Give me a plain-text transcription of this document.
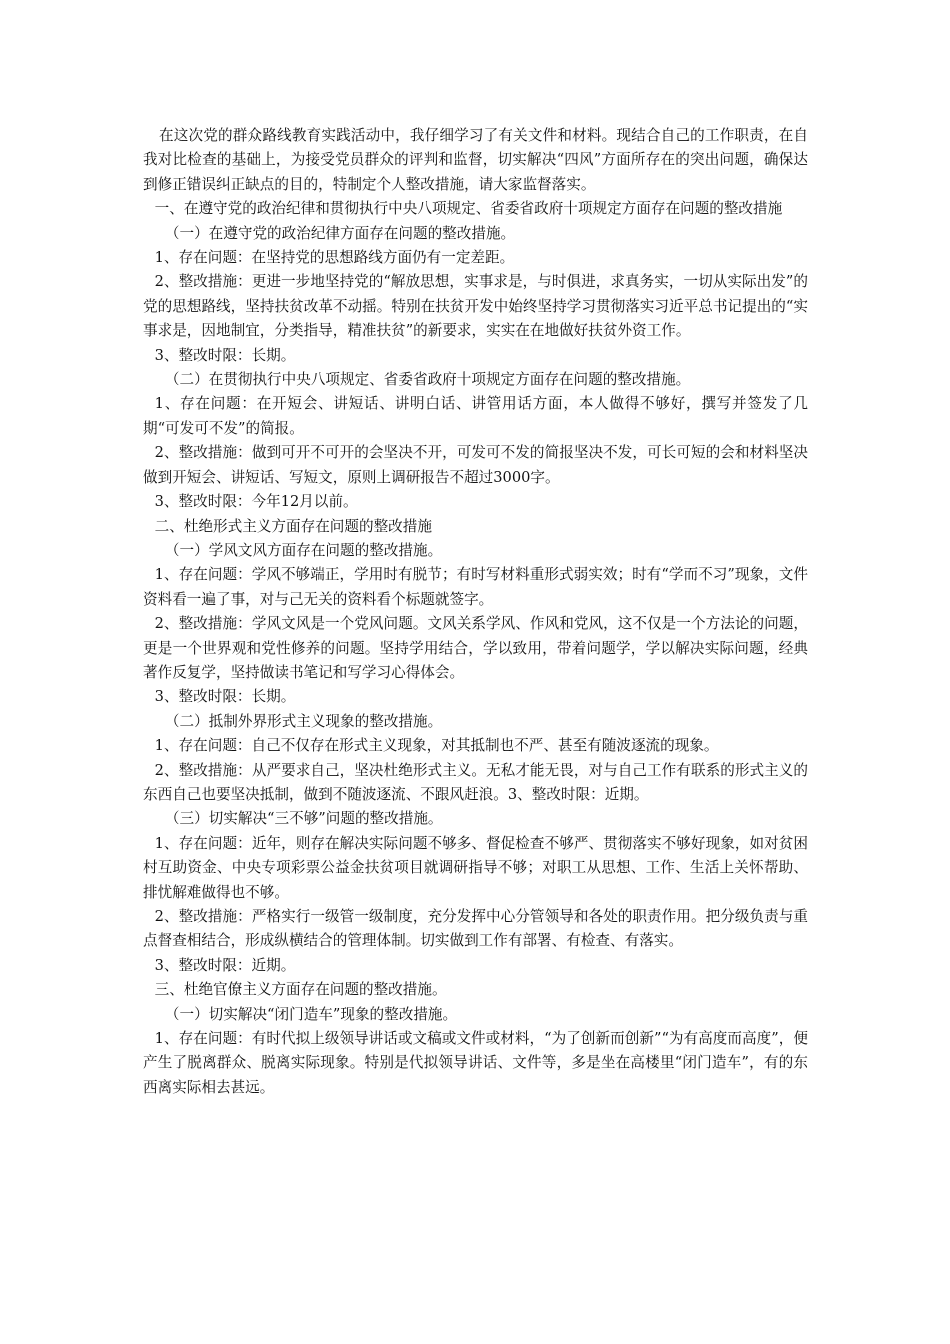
在这次党的群众路线教育实践活动中，我仔细学习了有关文件和材料。现结合自己的工作职责，在自我对比检查的基础上，为接受党员群众的评判和监督，切实解决“四风”方面所存在的突出问题，确保达到修正错误纠正缺点的目的，特制定个人整改措施，请大家监督落实。

一、在遵守党的政治纪律和贯彻执行中央八项规定、省委省政府十项规定方面存在问题的整改措施

（一）在遵守党的政治纪律方面存在问题的整改措施。

1、存在问题：在坚持党的思想路线方面仍有一定差距。

2、整改措施：更进一步地坚持党的“解放思想，实事求是，与时俱进，求真务实，一切从实际出发”的党的思想路线，坚持扶贫改革不动摇。特别在扶贫开发中始终坚持学习贯彻落实习近平总书记提出的“实事求是，因地制宜，分类指导，精准扶贫”的新要求，实实在在地做好扶贫外资工作。

3、整改时限：长期。

（二）在贯彻执行中央八项规定、省委省政府十项规定方面存在问题的整改措施。

1、存在问题：在开短会、讲短话、讲明白话、讲管用话方面，本人做得不够好，撰写并签发了几期“可发可不发”的简报。

2、整改措施：做到可开不可开的会坚决不开，可发可不发的简报坚决不发，可长可短的会和材料坚决做到开短会、讲短话、写短文，原则上调研报告不超过3000字。

3、整改时限：今年12月以前。

二、杜绝形式主义方面存在问题的整改措施

（一）学风文风方面存在问题的整改措施。

1、存在问题：学风不够端正，学用时有脱节；有时写材料重形式弱实效；时有“学而不习”现象，文件资料看一遍了事，对与己无关的资料看个标题就签字。

2、整改措施：学风文风是一个党风问题。文风关系学风、作风和党风，这不仅是一个方法论的问题，更是一个世界观和党性修养的问题。坚持学用结合，学以致用，带着问题学，学以解决实际问题，经典著作反复学，坚持做读书笔记和写学习心得体会。

3、整改时限：长期。

（二）抵制外界形式主义现象的整改措施。

1、存在问题：自己不仅存在形式主义现象，对其抵制也不严、甚至有随波逐流的现象。

2、整改措施：从严要求自己，坚决杜绝形式主义。无私才能无畏，对与自己工作有联系的形式主义的东西自己也要坚决抵制，做到不随波逐流、不跟风赶浪。3、整改时限：近期。

（三）切实解决“三不够”问题的整改措施。

1、存在问题：近年，则存在解决实际问题不够多、督促检查不够严、贯彻落实不够好现象，如对贫困村互助资金、中央专项彩票公益金扶贫项目就调研指导不够；对职工从思想、工作、生活上关怀帮助、排忧解难做得也不够。

2、整改措施：严格实行一级管一级制度，充分发挥中心分管领导和各处的职责作用。把分级负责与重点督查相结合，形成纵横结合的管理体制。切实做到工作有部署、有检查、有落实。

3、整改时限：近期。

三、杜绝官僚主义方面存在问题的整改措施。

（一）切实解决“闭门造车”现象的整改措施。

1、存在问题：有时代拟上级领导讲话或文稿或文件或材料，“为了创新而创新”“为有高度而高度”，便产生了脱离群众、脱离实际现象。特别是代拟领导讲话、文件等，多是坐在高楼里“闭门造车”，有的东西离实际相去甚远。
